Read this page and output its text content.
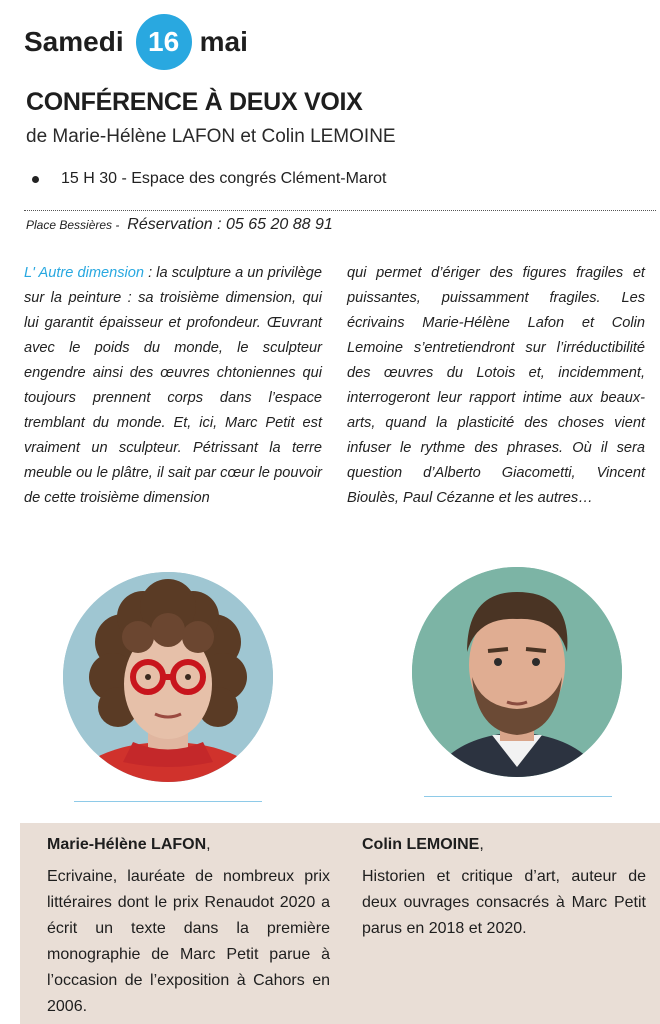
Samedi 16 mai
CONFÉRENCE À DEUX VOIX
de Marie-Hélène LAFON et Colin LEMOINE
15 H 30 - Espace des congrés Clément-Marot
Place Bessières - Réservation : 05 65 20 88 91
L' Autre dimension : la sculpture a un privilège sur la peinture : sa troisième dimension, qui lui garantit épaisseur et profondeur. Œuvrant avec le poids du monde, le sculpteur engendre ainsi des œuvres chtoniennes qui toujours prennent corps dans l’espace tremblant du monde. Et, ici, Marc Petit est vraiment un sculpteur. Pétrissant la terre meuble ou le plâtre, il sait par cœur le pouvoir de cette troisième dimension
qui permet d’ériger des figures fragiles et puissantes, puissamment fragiles. Les écrivains Marie-Hélène Lafon et Colin Lemoine s’entretiendront sur l’irréductibilité des œuvres du Lotois et, incidemment, interrogeront leur rapport intime aux beaux-arts, quand la plasticité des choses vient infuser le rythme des phrases. Où il sera question d’Alberto Giacometti, Vincent Bioulès, Paul Cézanne et les autres…
Marie-Hélène LAFON,

Ecrivaine, lauréate de nombreux prix littéraires dont le prix Renaudot 2020 a écrit un texte dans la première monographie de Marc Petit parue à l’occasion de l’exposition à Cahors en 2006.

Colin LEMOINE,

Historien et critique d’art, auteur de deux ouvrages consacrés à Marc Petit parus en 2018 et 2020.
